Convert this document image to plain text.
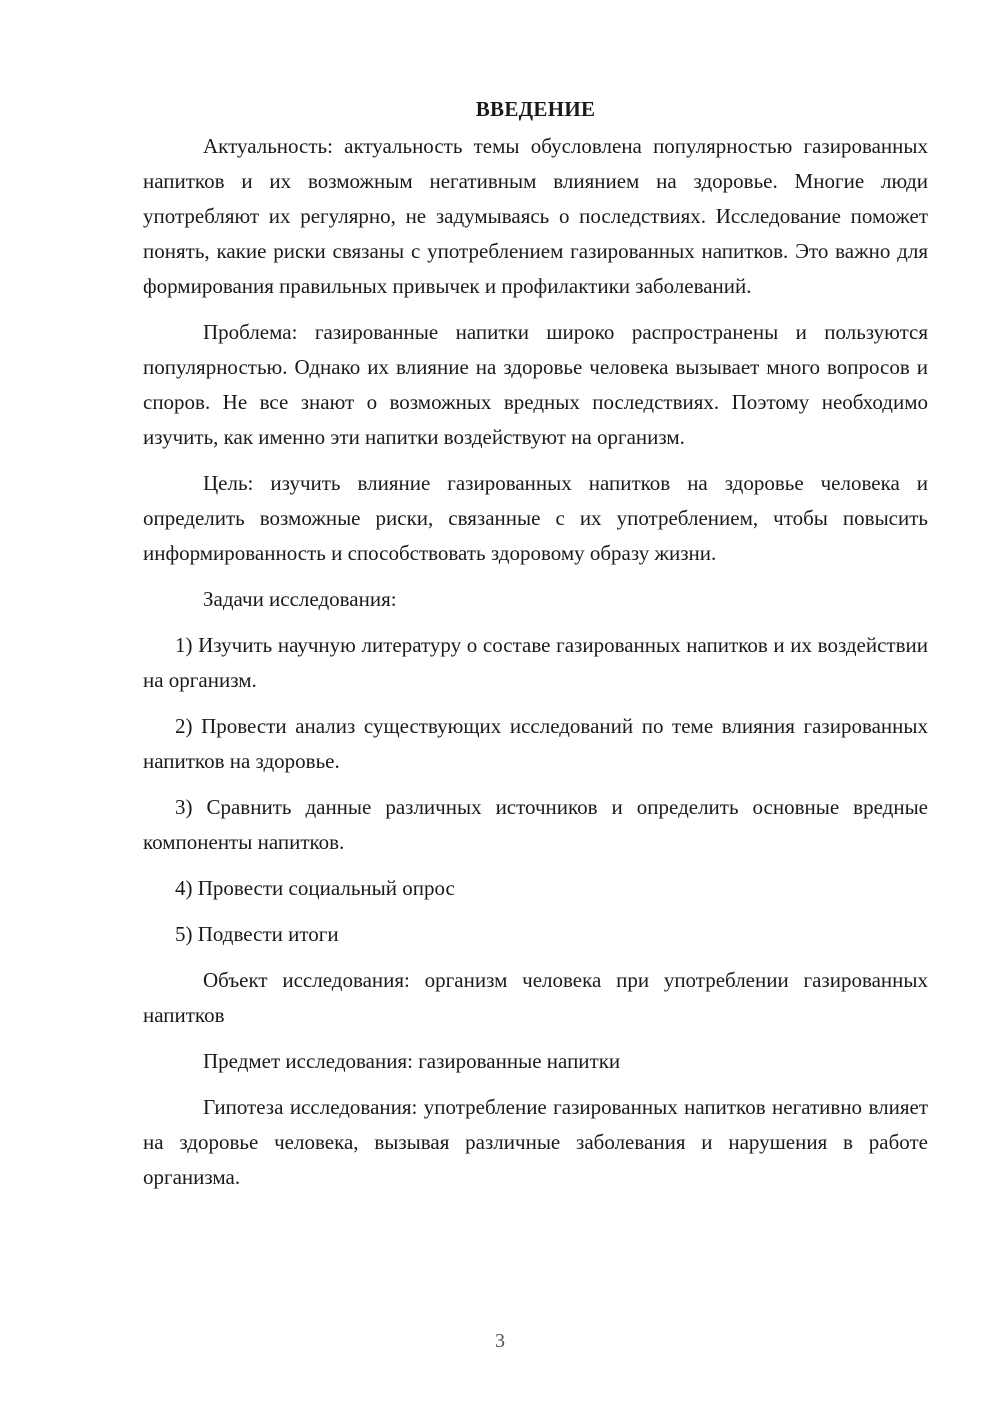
ВВЕДЕНИЕ

Актуальность: актуальность темы обусловлена популярностью газированных напитков и их возможным негативным влиянием на здоровье. Многие люди употребляют их регулярно, не задумываясь о последствиях. Исследование поможет понять, какие риски связаны с употреблением газированных напитков. Это важно для формирования правильных привычек и профилактики заболеваний.

Проблема: газированные напитки широко распространены и пользуются популярностью. Однако их влияние на здоровье человека вызывает много вопросов и споров. Не все знают о возможных вредных последствиях. Поэтому необходимо изучить, как именно эти напитки воздействуют на организм.

Цель: изучить влияние газированных напитков на здоровье человека и определить возможные риски, связанные с их употреблением, чтобы повысить информированность и способствовать здоровому образу жизни.

Задачи исследования:

1) Изучить научную литературу о составе газированных напитков и их воздействии на организм.

2) Провести анализ существующих исследований по теме влияния газированных напитков на здоровье.

3) Сравнить данные различных источников и определить основные вредные компоненты напитков.

4) Провести социальный опрос

5) Подвести итоги

Объект исследования: организм человека при употреблении газированных напитков

Предмет исследования: газированные напитки

Гипотеза исследования: употребление газированных напитков негативно влияет на здоровье человека, вызывая различные заболевания и нарушения в работе организма.

3
